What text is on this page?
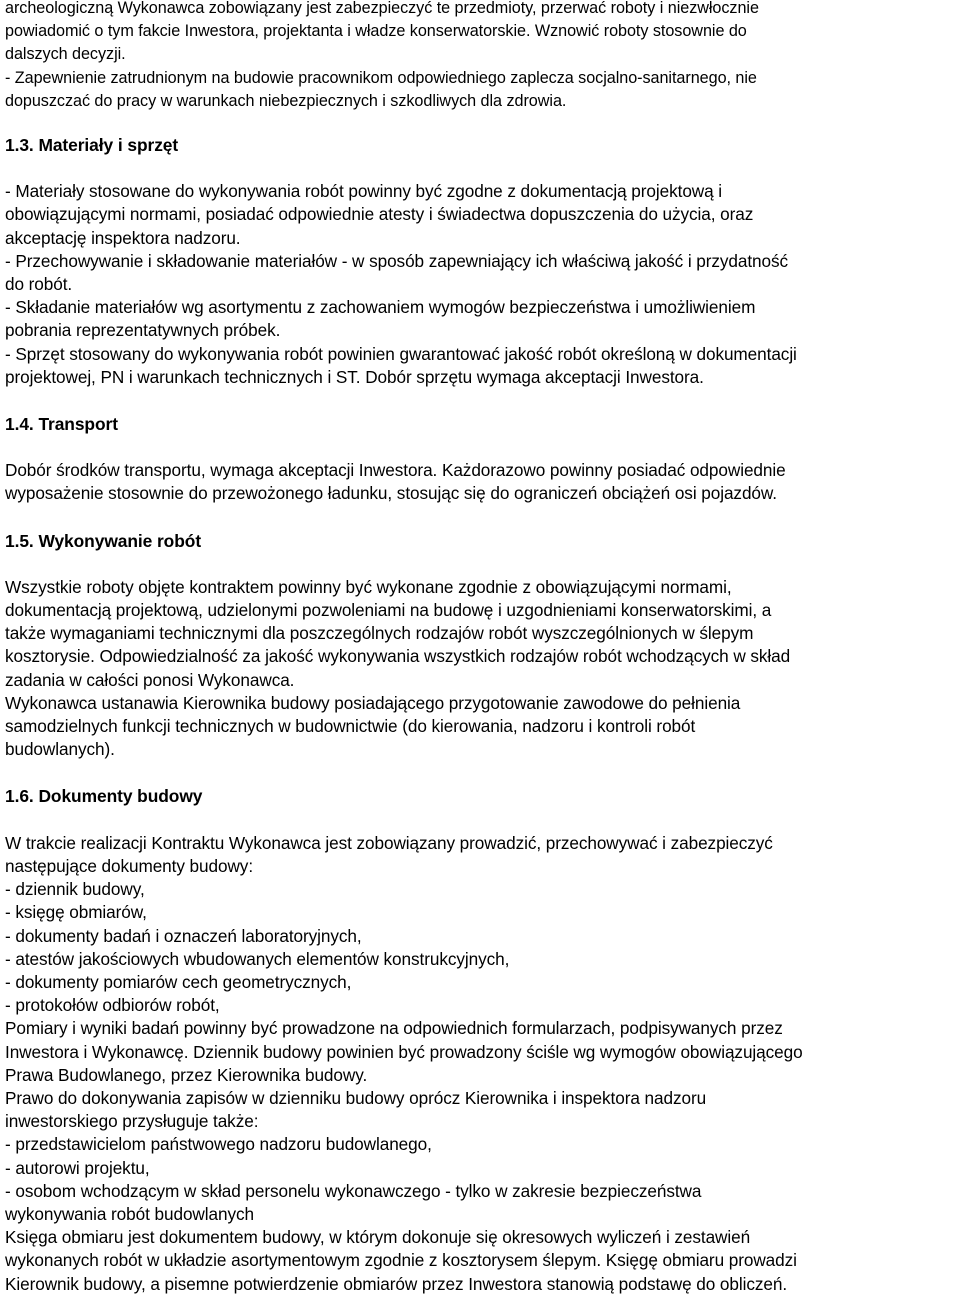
archeologiczną Wykonawca zobowiązany jest zabezpieczyć te przedmioty, przerwać roboty i niezwłocznie
powiadomić o tym fakcie Inwestora, projektanta i władze konserwatorskie. Wznowić roboty stosownie do
dalszych decyzji.
- Zapewnienie zatrudnionym na budowie pracownikom odpowiedniego zaplecza socjalno-sanitarnego, nie
dopuszczać do pracy w warunkach niebezpiecznych i szkodliwych dla zdrowia.
1.3. Materiały i sprzęt
- Materiały stosowane do wykonywania robót powinny być zgodne z dokumentacją projektową i
obowiązującymi normami, posiadać odpowiednie atesty i świadectwa dopuszczenia do użycia, oraz
akceptację inspektora nadzoru.
- Przechowywanie i składowanie materiałów - w sposób zapewniający ich właściwą jakość i przydatność
do robót.
- Składanie materiałów wg asortymentu z zachowaniem wymogów bezpieczeństwa i umożliwieniem
pobrania reprezentatywnych próbek.
- Sprzęt stosowany do wykonywania robót powinien gwarantować jakość robót określoną w dokumentacji
projektowej, PN i warunkach technicznych i ST. Dobór sprzętu wymaga akceptacji Inwestora.
1.4. Transport
Dobór środków transportu, wymaga akceptacji Inwestora. Każdorazowo powinny posiadać odpowiednie
wyposażenie stosownie do przewożonego ładunku, stosując się do ograniczeń obciążeń osi pojazdów.
1.5. Wykonywanie robót
Wszystkie roboty objęte kontraktem powinny być wykonane zgodnie z obowiązującymi normami,
dokumentacją projektową, udzielonymi pozwoleniami na budowę i uzgodnieniami konserwatorskimi, a
także wymaganiami technicznymi dla poszczególnych rodzajów robót wyszczególnionych w ślepym
kosztorysie. Odpowiedzialność za jakość wykonywania wszystkich rodzajów robót wchodzących w skład
zadania w całości ponosi Wykonawca.
Wykonawca ustanawia Kierownika budowy posiadającego przygotowanie zawodowe do pełnienia
samodzielnych funkcji technicznych w budownictwie (do kierowania, nadzoru i kontroli robót
budowlanych).
1.6. Dokumenty budowy
W trakcie realizacji Kontraktu Wykonawca jest zobowiązany prowadzić, przechowywać i zabezpieczyć
następujące dokumenty budowy:
- dziennik budowy,
- księgę obmiarów,
- dokumenty badań i oznaczeń laboratoryjnych,
- atestów jakościowych wbudowanych elementów konstrukcyjnych,
- dokumenty pomiarów cech geometrycznych,
- protokołów odbiorów robót,
Pomiary i wyniki badań powinny być prowadzone na odpowiednich formularzach, podpisywanych przez
Inwestora i Wykonawcę. Dziennik budowy powinien być prowadzony ściśle wg wymogów obowiązującego
Prawa Budowlanego, przez Kierownika budowy.
Prawo do dokonywania zapisów w dzienniku budowy oprócz Kierownika i inspektora nadzoru
inwestorskiego przysługuje także:
- przedstawicielom państwowego nadzoru budowlanego,
- autorowi projektu,
- osobom wchodzącym w skład personelu wykonawczego - tylko w zakresie bezpieczeństwa
wykonywania robót budowlanych
Księga obmiaru jest dokumentem budowy, w którym dokonuje się okresowych wyliczeń i zestawień
wykonanych robót w układzie asortymentowym zgodnie z kosztorysem ślepym. Księgę obmiaru prowadzi
Kierownik budowy, a pisemne potwierdzenie obmiarów przez Inwestora stanowią podstawę do obliczeń.
